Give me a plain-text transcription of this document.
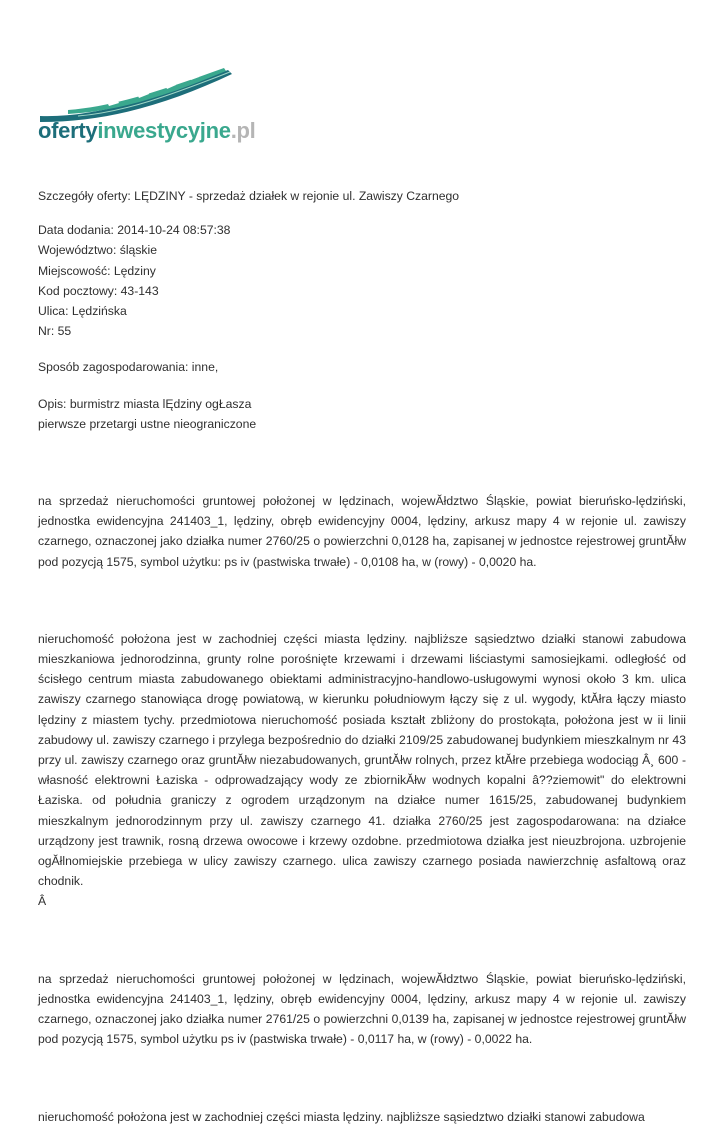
ofertyinwestycyjne.pl

Szczegóły oferty: LĘDZINY - sprzedaż działek w rejonie ul. Zawiszy Czarnego

Data dodania: 2014-10-24 08:57:38

Województwo: śląskie

Miejscowość: Lędziny

Kod pocztowy: 43-143

Ulica: Lędzińska

Nr: 55

Sposób zagospodarowania: inne,

Opis: burmistrz miasta lĘdziny ogŁasza

pierwsze przetargi ustne nieograniczone

na sprzedaż nieruchomości gruntowej położonej w lędzinach, wojewĂłdztwo Śląskie, powiat bieruńsko-lędziński, jednostka ewidencyjna 241403_1, lędziny, obręb ewidencyjny 0004, lędziny, arkusz mapy 4 w rejonie ul. zawiszy czarnego, oznaczonej jako działka numer 2760/25 o powierzchni 0,0128 ha, zapisanej w jednostce rejestrowej gruntĂłw pod pozycją 1575, symbol użytku: ps iv (pastwiska trwałe) - 0,0108 ha, w (rowy) - 0,0020 ha.

nieruchomość położona jest w zachodniej części miasta lędziny. najbliższe sąsiedztwo działki stanowi zabudowa mieszkaniowa jednorodzinna, grunty rolne porośnięte krzewami i drzewami liściastymi samosiejkami. odległość od ścisłego centrum miasta zabudowanego obiektami administracyjno-handlowo-usługowymi wynosi około 3 km. ulica zawiszy czarnego stanowiąca drogę powiatową, w kierunku południowym łączy się z ul. wygody, ktĂłra łączy miasto lędziny z miastem tychy. przedmiotowa nieruchomość posiada kształt zbliżony do prostokąta, położona jest w ii linii zabudowy ul. zawiszy czarnego i przylega bezpośrednio do działki 2109/25 zabudowanej budynkiem mieszkalnym nr 43 przy ul. zawiszy czarnego oraz gruntĂłw niezabudowanych, gruntĂłw rolnych, przez ktĂłre przebiega wodociąg Â¸ 600 - własność elektrowni Łaziska - odprowadzający wody ze zbiornikĂłw wodnych kopalni â??ziemowit" do elektrowni Łaziska. od południa graniczy z ogrodem urządzonym na działce numer 1615/25, zabudowanej budynkiem mieszkalnym jednorodzinnym przy ul. zawiszy czarnego 41. działka 2760/25 jest zagospodarowana: na działce urządzony jest trawnik, rosną drzewa owocowe i krzewy ozdobne. przedmiotowa działka jest nieuzbrojona. uzbrojenie ogĂłlnomiejskie przebiega w ulicy zawiszy czarnego. ulica zawiszy czarnego posiada nawierzchnię asfaltową oraz chodnik.

Â

na sprzedaż nieruchomości gruntowej położonej w lędzinach, wojewĂłdztwo Śląskie, powiat bieruńsko-lędziński, jednostka ewidencyjna 241403_1, lędziny, obręb ewidencyjny 0004, lędziny, arkusz mapy 4 w rejonie ul. zawiszy czarnego, oznaczonej jako działka numer 2761/25 o powierzchni 0,0139 ha, zapisanej w jednostce rejestrowej gruntĂłw pod pozycją 1575, symbol użytku ps iv (pastwiska trwałe) - 0,0117 ha, w (rowy) - 0,0022 ha.

nieruchomość położona jest w zachodniej części miasta lędziny. najbliższe sąsiedztwo działki stanowi zabudowa
